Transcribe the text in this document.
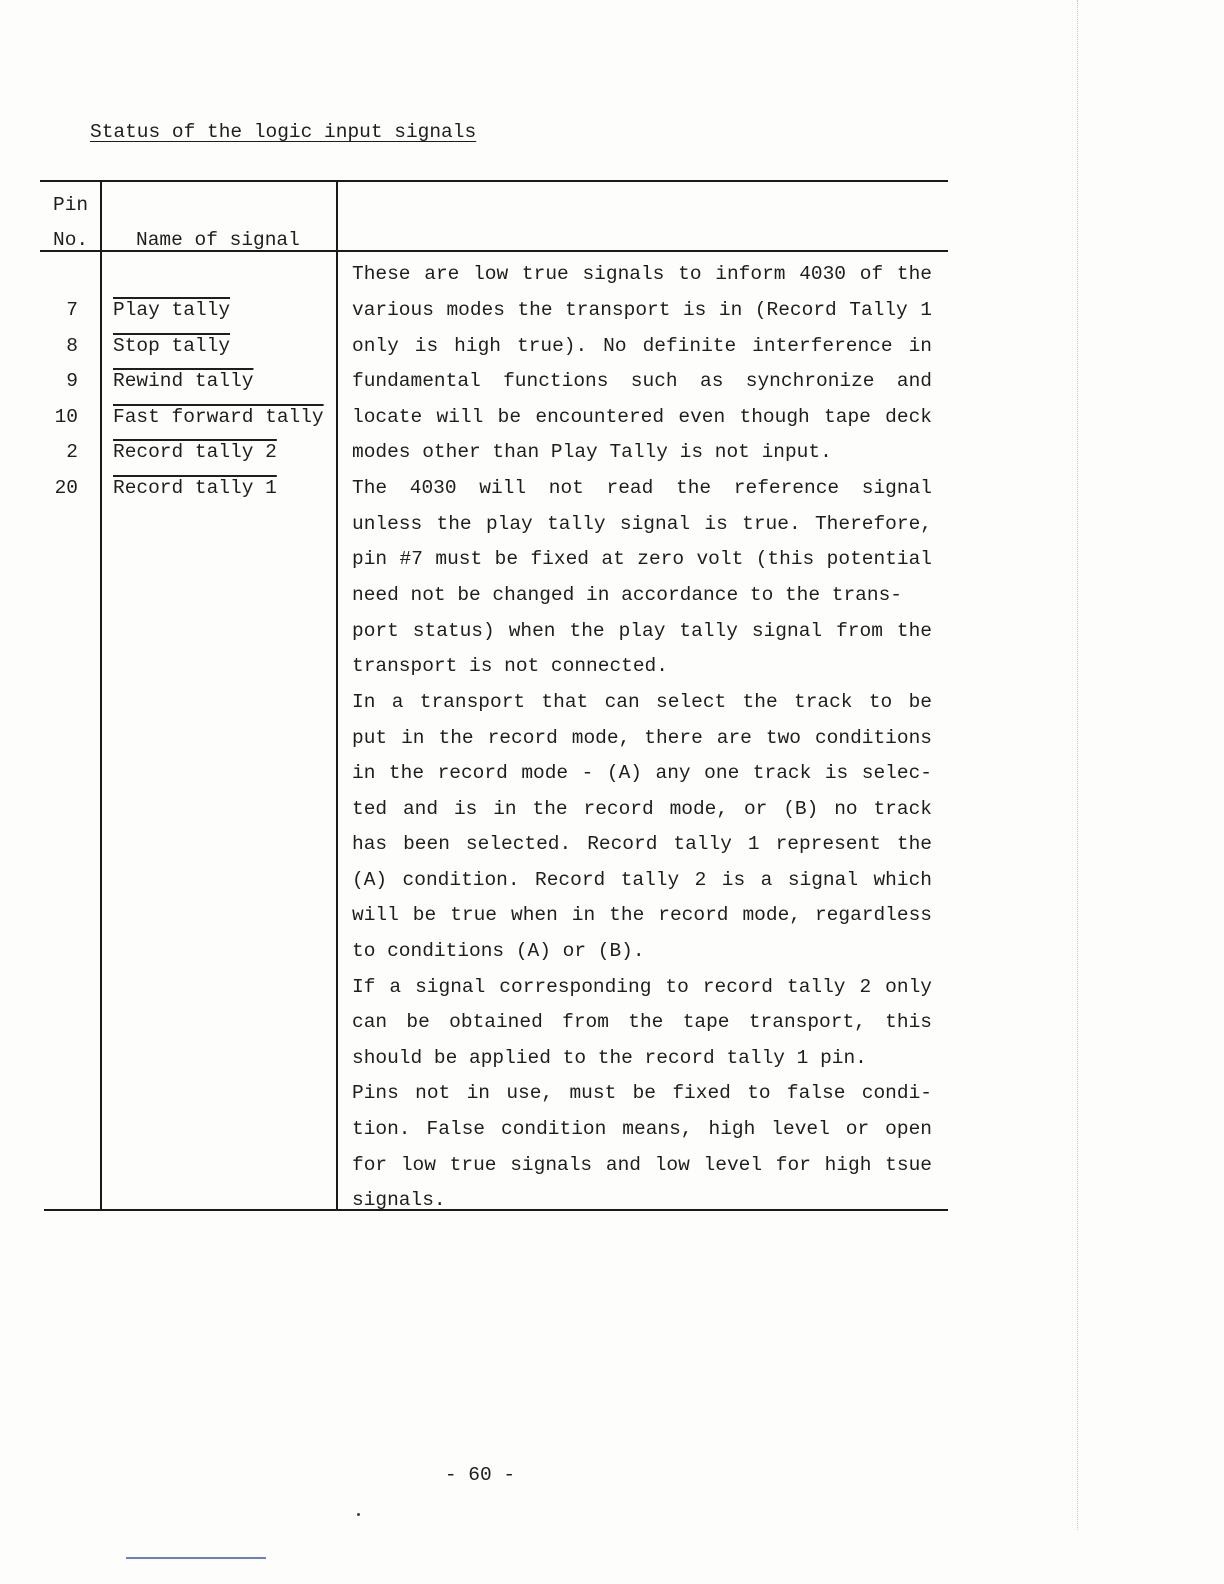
Status of the logic input signals
Pin
No. Name of signal
7 Play tally
8 Stop tally
9 Rewind tally
10 Fast forward tally
2 Record tally 2
20 Record tally 1
These are low true signals to inform 4030 of the
various modes the transport is in (Record Tally 1
only is high true). No definite interference in
fundamental functions such as synchronize and
locate will be encountered even though tape deck
modes other than Play Tally is not input.
The 4030 will not read the reference signal
unless the play tally signal is true. Therefore,
pin #7 must be fixed at zero volt (this potential
need not be changed in accordance to the trans-
port status) when the play tally signal from the
transport is not connected.
In a transport that can select the track to be
put in the record mode, there are two conditions
in the record mode - (A) any one track is selec-
ted and is in the record mode, or (B) no track
has been selected. Record tally 1 represent the
(A) condition. Record tally 2 is a signal which
will be true when in the record mode, regardless
to conditions (A) or (B).
If a signal corresponding to record tally 2 only
can be obtained from the tape transport, this
should be applied to the record tally 1 pin.
Pins not in use, must be fixed to false condi-
tion. False condition means, high level or open
for low true signals and low level for high tsue
signals.
- 60 -
